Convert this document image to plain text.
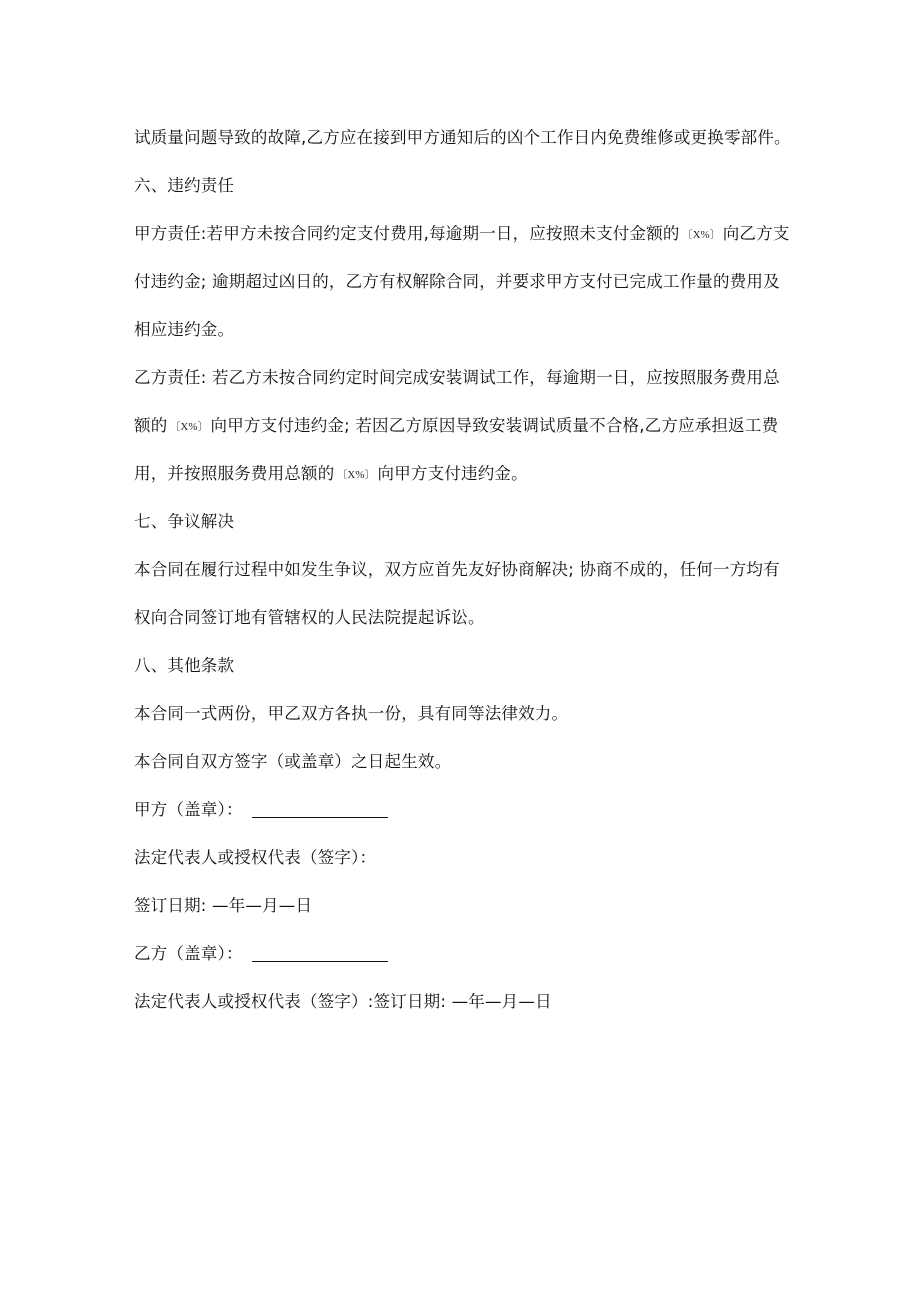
试质量问题导致的故障,乙方应在接到甲方通知后的凶个工作日内免费维修或更换零部件。
六、违约责任
甲方责任:若甲方未按合同约定支付费用,每逾期一日，应按照未支付金额的 〔X%〕 向乙方支
付违约金; 逾期超过凶日的，乙方有权解除合同，并要求甲方支付已完成工作量的费用及
相应违约金。
乙方责任: 若乙方未按合同约定时间完成安装调试工作，每逾期一日，应按照服务费用总
额的 〔X%〕 向甲方支付违约金; 若因乙方原因导致安装调试质量不合格,乙方应承担返工费
用，并按照服务费用总额的 〔X%〕 向甲方支付违约金。
七、争议解决
本合同在履行过程中如发生争议，双方应首先友好协商解决; 协商不成的，任何一方均有
权向合同签订地有管辖权的人民法院提起诉讼。
八、其他条款
本合同一式两份，甲乙双方各执一份，具有同等法律效力。
本合同自双方签字（或盖章）之日起生效。
甲方（盖章）：
法定代表人或授权代表（签字）：
签订日期: —年—月—日
乙方（盖章）：
法定代表人或授权代表（签字）:签订日期: —年—月—日
